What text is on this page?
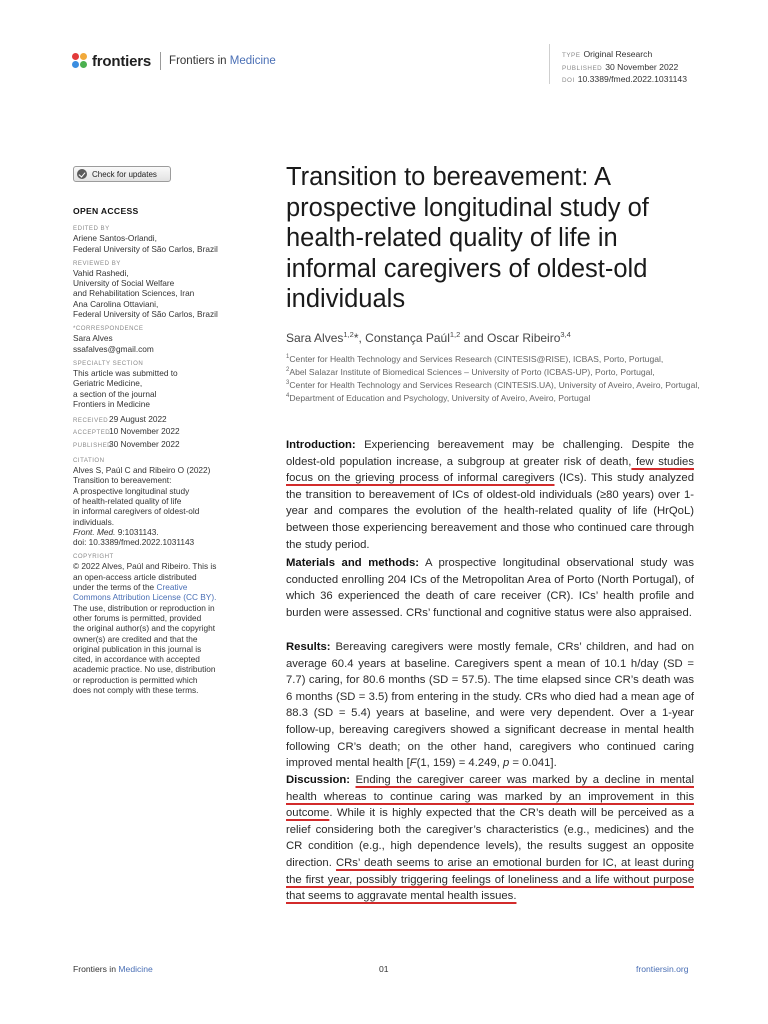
frontiers Frontiers in Medicine	TYPE Original Research
PUBLISHED 30 November 2022
DOI 10.3389/fmed.2022.1031143
Check for updates
OPEN ACCESS
EDITED BY
Ariene Santos-Orlandi,
Federal University of São Carlos, Brazil
REVIEWED BY
Vahid Rashedi,
University of Social Welfare
and Rehabilitation Sciences, Iran
Ana Carolina Ottaviani,
Federal University of São Carlos, Brazil
*CORRESPONDENCE
Sara Alves
ssafalves@gmail.com
SPECIALTY SECTION
This article was submitted to
Geriatric Medicine,
a section of the journal
Frontiers in Medicine
RECEIVED29 August 2022
ACCEPTED10 November 2022
PUBLISHED30 November 2022
CITATION
Alves S, Paúl C and Ribeiro O (2022)
Transition to bereavement:
A prospective longitudinal study
of health-related quality of life
in informal caregivers of oldest-old
individuals.
Front. Med. 9:1031143.
doi: 10.3389/fmed.2022.1031143
COPYRIGHT
© 2022 Alves, Paúl and Ribeiro. This is
an open-access article distributed
under the terms of the Creative
Commons Attribution License (CC BY).
The use, distribution or reproduction in
other forums is permitted, provided
the original author(s) and the copyright
owner(s) are credited and that the
original publication in this journal is
cited, in accordance with accepted
academic practice. No use, distribution
or reproduction is permitted which
does not comply with these terms.
Transition to bereavement: A prospective longitudinal study of health-related quality of life in informal caregivers of oldest-old individuals
Sara Alves$^{1,2}$*, Constança Paúl$^{1,2}$ and Oscar Ribeiro$^{3,4}$
$^1$Center for Health Technology and Services Research (CINTESIS@RISE), ICBAS, Porto, Portugal,
$^2$Abel Salazar Institute of Biomedical Sciences – University of Porto (ICBAS-UP), Porto, Portugal,
$^3$Center for Health Technology and Services Research (CINTESIS.UA), University of Aveiro, Aveiro, Portugal, $^4$Department of Education and Psychology, University of Aveiro, Aveiro, Portugal
Introduction: Experiencing bereavement may be challenging. Despite the oldest-old population increase, a subgroup at greater risk of death, few studies focus on the grieving process of informal caregivers (ICs). This study analyzed the transition to bereavement of ICs of oldest-old individuals (≥80 years) over 1-year and compares the evolution of the health-related quality of life (HrQoL) between those experiencing bereavement and those who continued care through the study period.
Materials and methods: A prospective longitudinal observational study was conducted enrolling 204 ICs of the Metropolitan Area of Porto (North Portugal), of which 36 experienced the death of care receiver (CR). ICs’ health profile and burden were assessed. CRs’ functional and cognitive status were also appraised.
Results: Bereaving caregivers were mostly female, CRs’ children, and had on average 60.4 years at baseline. Caregivers spent a mean of 10.1 h/day (SD = 7.7) caring, for 80.6 months (SD = 57.5). The time elapsed since CR’s death was 6 months (SD = 3.5) from entering in the study. CRs who died had a mean age of 88.3 (SD = 5.4) years at baseline, and were very dependent. Over a 1-year follow-up, bereaving caregivers showed a significant decrease in mental health following CR’s death; on the other hand, caregivers who continued caring improved mental health [F(1, 159) = 4.249, p = 0.041].
Discussion: Ending the caregiver career was marked by a decline in mental health whereas to continue caring was marked by an improvement in this outcome. While it is highly expected that the CR’s death will be perceived as a relief considering both the caregiver’s characteristics (e.g., medicines) and the CR condition (e.g., high dependence levels), the results suggest an opposite direction. CRs’ death seems to arise an emotional burden for IC, at least during the first year, possibly triggering feelings of loneliness and a life without purpose that seems to aggravate mental health issues.
Frontiers in Medicine	01	frontiersin.org
